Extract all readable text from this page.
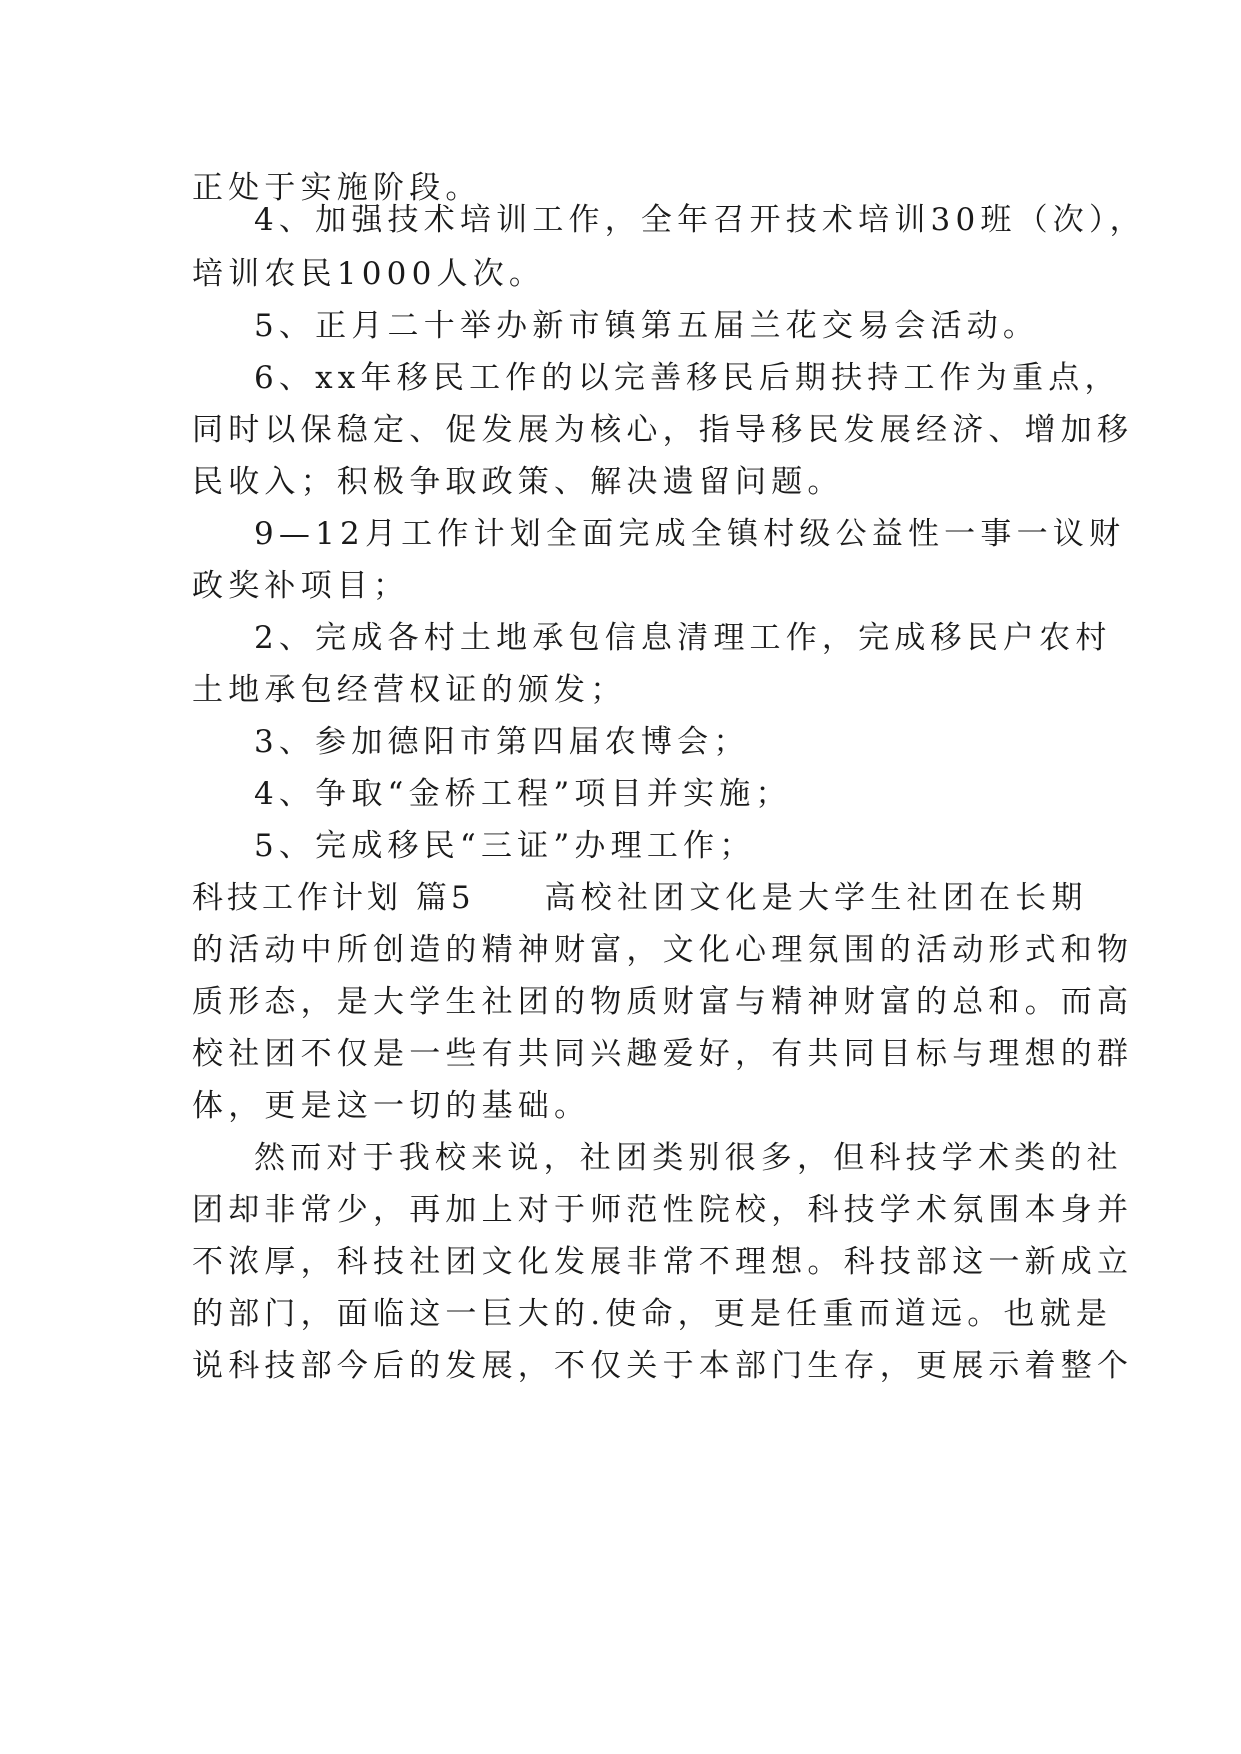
正处于实施阶段。
4、加强技术培训工作，全年召开技术培训30班（次），
培训农民1000人次。
5、正月二十举办新市镇第五届兰花交易会活动。
6、xx年移民工作的以完善移民后期扶持工作为重点，
同时以保稳定、促发展为核心，指导移民发展经济、增加移
民收入；积极争取政策、解决遗留问题。
9—12月工作计划全面完成全镇村级公益性一事一议财
政奖补项目；
2、完成各村土地承包信息清理工作，完成移民户农村
土地承包经营权证的颁发；
3、参加德阳市第四届农博会；
4、争取“金桥工程”项目并实施；
5、完成移民“三证”办理工作；
科技工作计划 篇5 高校社团文化是大学生社团在长期
的活动中所创造的精神财富，文化心理氛围的活动形式和物
质形态，是大学生社团的物质财富与精神财富的总和。而高
校社团不仅是一些有共同兴趣爱好，有共同目标与理想的群
体，更是这一切的基础。
然而对于我校来说，社团类别很多，但科技学术类的社
团却非常少，再加上对于师范性院校，科技学术氛围本身并
不浓厚，科技社团文化发展非常不理想。科技部这一新成立
的部门，面临这一巨大的.使命，更是任重而道远。也就是
说科技部今后的发展，不仅关于本部门生存，更展示着整个
